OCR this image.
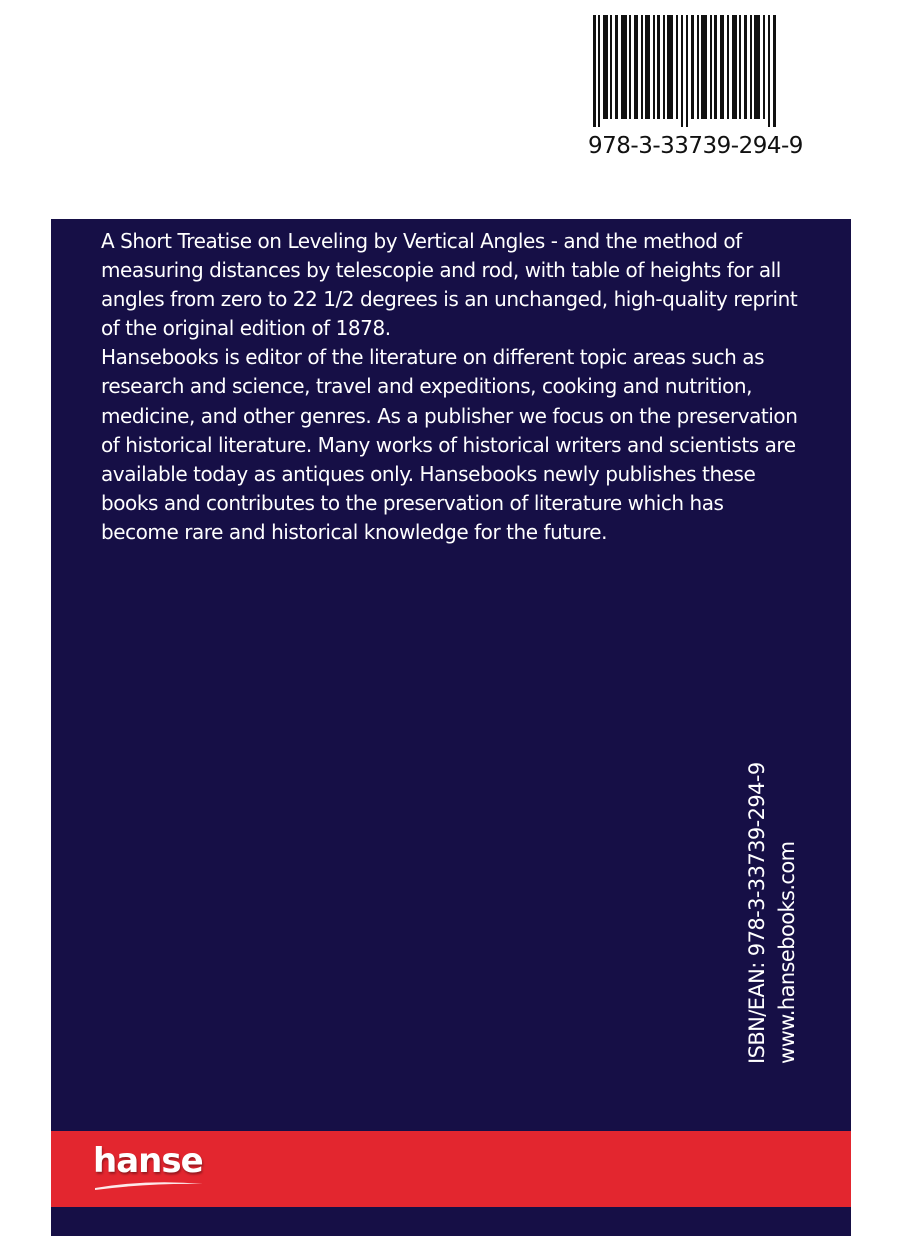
978-3-33739-294-9

A Short Treatise on Leveling by Vertical Angles - and the method of measuring distances by telescopie and rod, with table of heights for all angles from zero to 22 1/2 degrees is an unchanged, high-quality reprint of the original edition of 1878.

Hansebooks is editor of the literature on different topic areas such as research and science, travel and expeditions, cooking and nutrition, medicine, and other genres. As a publisher we focus on the preservation of historical literature. Many works of historical writers and scientists are available today as antiques only. Hansebooks newly publishes these books and contributes to the preservation of literature which has become rare and historical knowledge for the future.

ISBN/EAN: 978-3-33739-294-9 www.hansebooks.com
hanse
